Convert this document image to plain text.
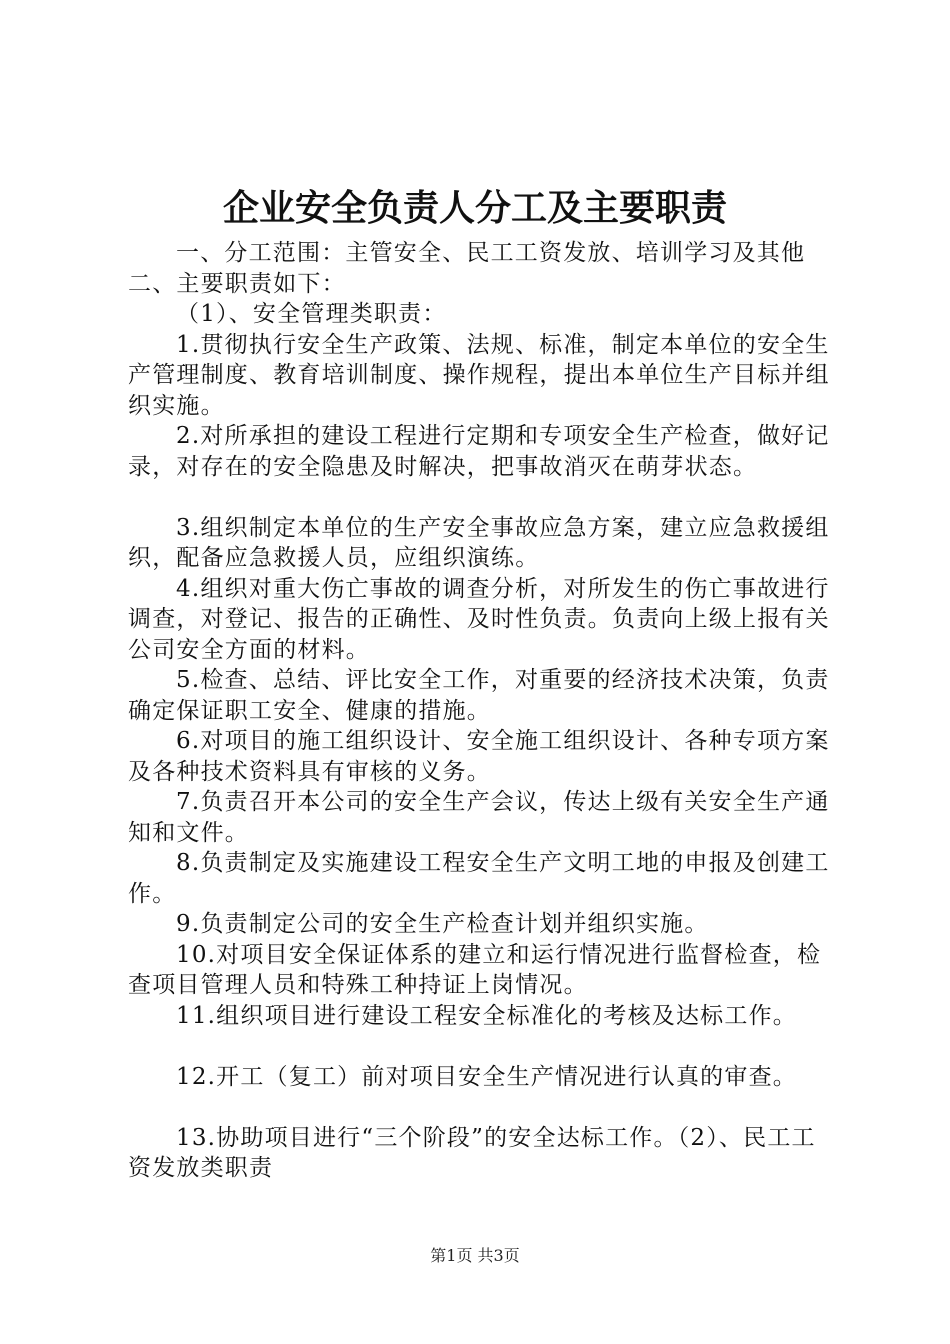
企业安全负责人分工及主要职责

一、分工范围：主管安全、民工工资发放、培训学习及其他二、主要职责如下：

（1）、安全管理类职责：

1.贯彻执行安全生产政策、法规、标准，制定本单位的安全生产管理制度、教育培训制度、操作规程，提出本单位生产目标并组织实施。

2.对所承担的建设工程进行定期和专项安全生产检查，做好记录，对存在的安全隐患及时解决，把事故消灭在萌芽状态。

3.组织制定本单位的生产安全事故应急方案，建立应急救援组织，配备应急救援人员，应组织演练。

4.组织对重大伤亡事故的调查分析，对所发生的伤亡事故进行调查，对登记、报告的正确性、及时性负责。负责向上级上报有关公司安全方面的材料。

5.检查、总结、评比安全工作，对重要的经济技术决策，负责确定保证职工安全、健康的措施。

6.对项目的施工组织设计、安全施工组织设计、各种专项方案及各种技术资料具有审核的义务。

7.负责召开本公司的安全生产会议，传达上级有关安全生产通知和文件。

8.负责制定及实施建设工程安全生产文明工地的申报及创建工作。

9.负责制定公司的安全生产检查计划并组织实施。

10.对项目安全保证体系的建立和运行情况进行监督检查，检查项目管理人员和特殊工种持证上岗情况。

11.组织项目进行建设工程安全标准化的考核及达标工作。

12.开工（复工）前对项目安全生产情况进行认真的审查。

13.协助项目进行“三个阶段”的安全达标工作。（2）、民工工资发放类职责

第1页 共3页
